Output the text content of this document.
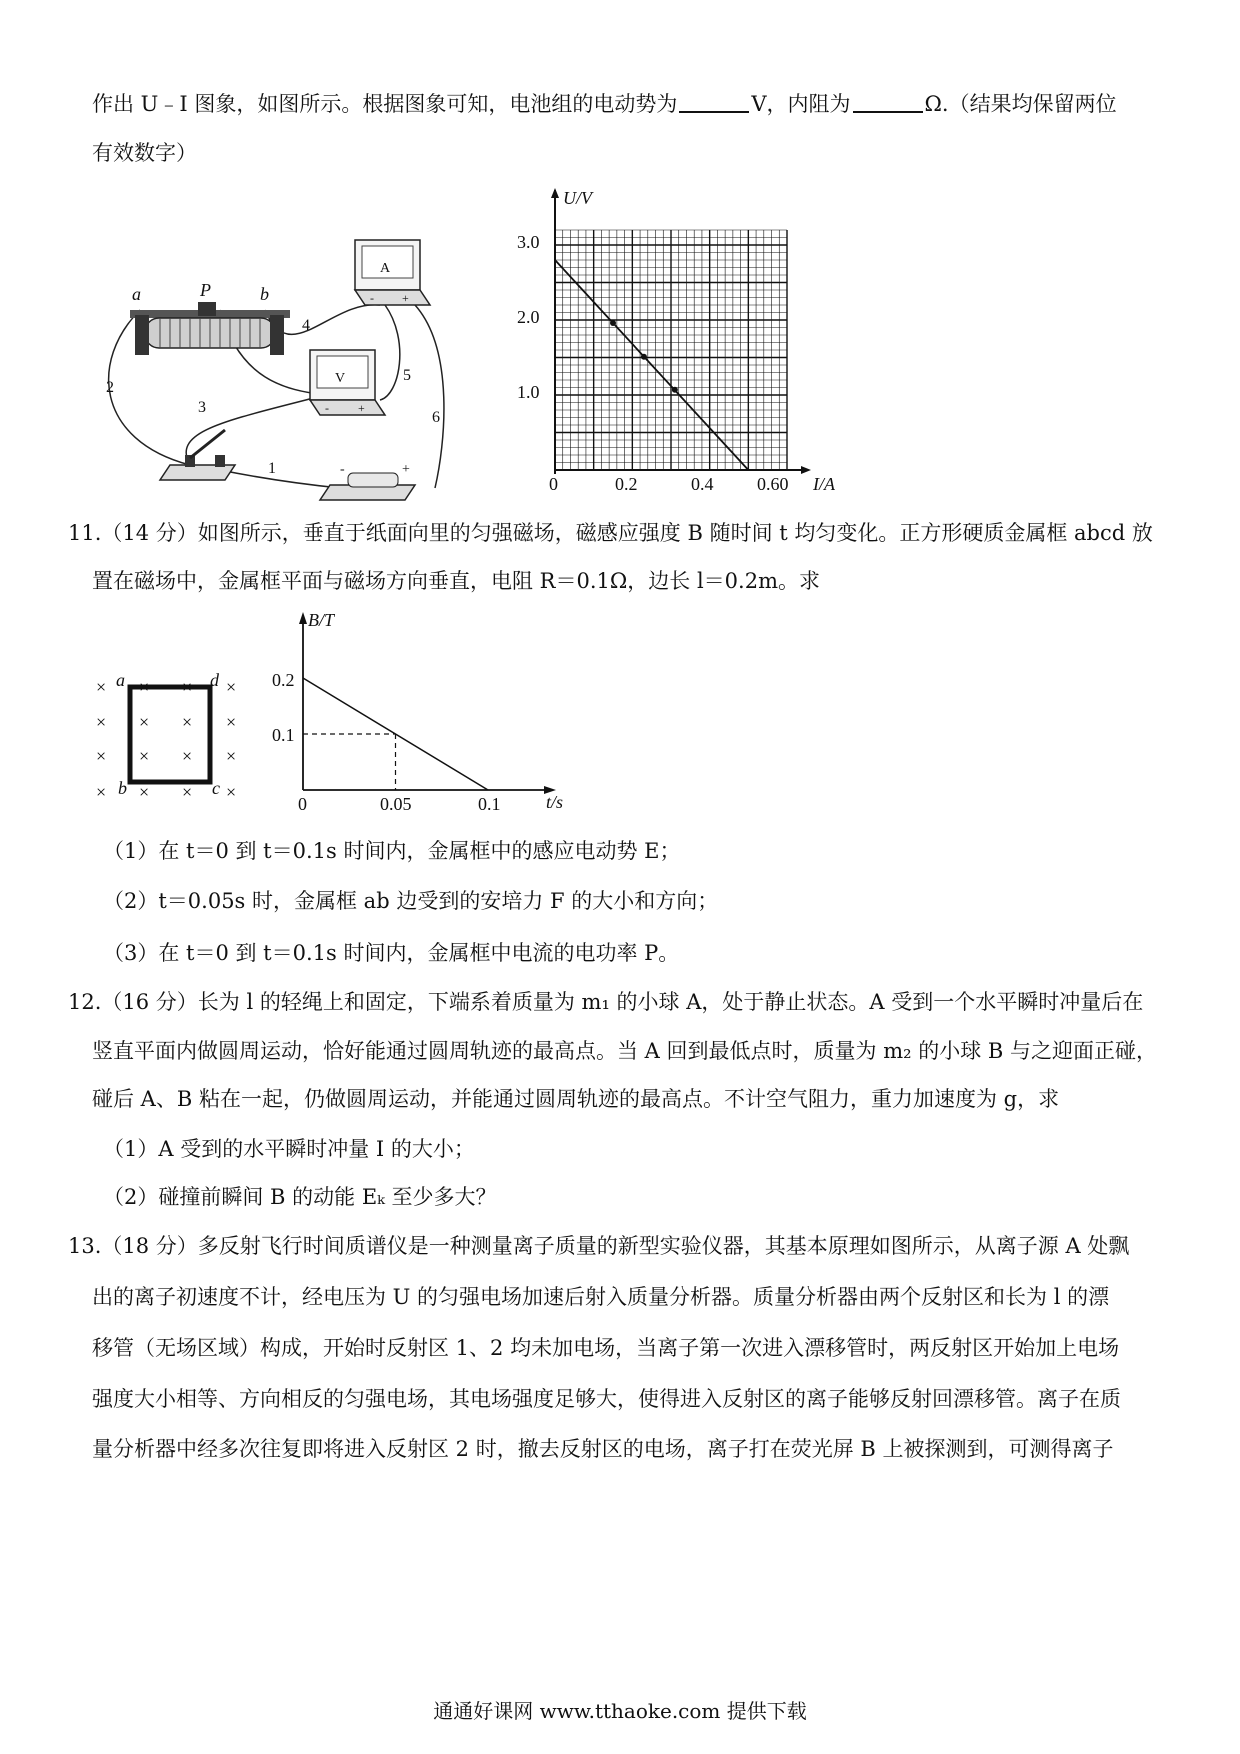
作出 U﹣I 图象，如图所示。根据图象可知，电池组的电动势为	V，内阻为	Ω.（结果均保留两位
有效数字）
a	P	b
A
- +
V
- +
-	+
1
2
3
4
5
6
U/V
I/A
0
1.0
2.0
3.0
0.2	0.4 0.60
11.（14 分）如图所示，垂直于纸面向里的匀强磁场，磁感应强度 B 随时间 t 均匀变化。正方形硬质金属框 abcd 放
置在磁场中，金属框平面与磁场方向垂直，电阻 R＝0.1Ω，边长 l＝0.2m。求
× × × ×
× × × ×
× × × ×
× × × ×
a	d
b	c
B/T
t/s
0
0.1
0.2
0.05	0.1
（1）在 t＝0 到 t＝0.1s 时间内，金属框中的感应电动势 E；
（2）t＝0.05s 时，金属框 ab 边受到的安培力 F 的大小和方向；
（3）在 t＝0 到 t＝0.1s 时间内，金属框中电流的电功率 P。
12.（16 分）长为 l 的轻绳上和固定，下端系着质量为 m₁ 的小球 A，处于静止状态。A 受到一个水平瞬时冲量后在
竖直平面内做圆周运动，恰好能通过圆周轨迹的最高点。当 A 回到最低点时，质量为 m₂ 的小球 B 与之迎面正碰，
碰后 A、B 粘在一起，仍做圆周运动，并能通过圆周轨迹的最高点。不计空气阻力，重力加速度为 g，求
（1）A 受到的水平瞬时冲量 I 的大小；
（2）碰撞前瞬间 B 的动能 Eₖ 至少多大？
13.（18 分）多反射飞行时间质谱仪是一种测量离子质量的新型实验仪器，其基本原理如图所示，从离子源 A 处飘
出的离子初速度不计，经电压为 U 的匀强电场加速后射入质量分析器。质量分析器由两个反射区和长为 l 的漂
移管（无场区域）构成，开始时反射区 1、2 均未加电场，当离子第一次进入漂移管时，两反射区开始加上电场
强度大小相等、方向相反的匀强电场，其电场强度足够大，使得进入反射区的离子能够反射回漂移管。离子在质
量分析器中经多次往复即将进入反射区 2 时，撤去反射区的电场，离子打在荧光屏 B 上被探测到，可测得离子
通通好课网 www.tthaoke.com 提供下载
